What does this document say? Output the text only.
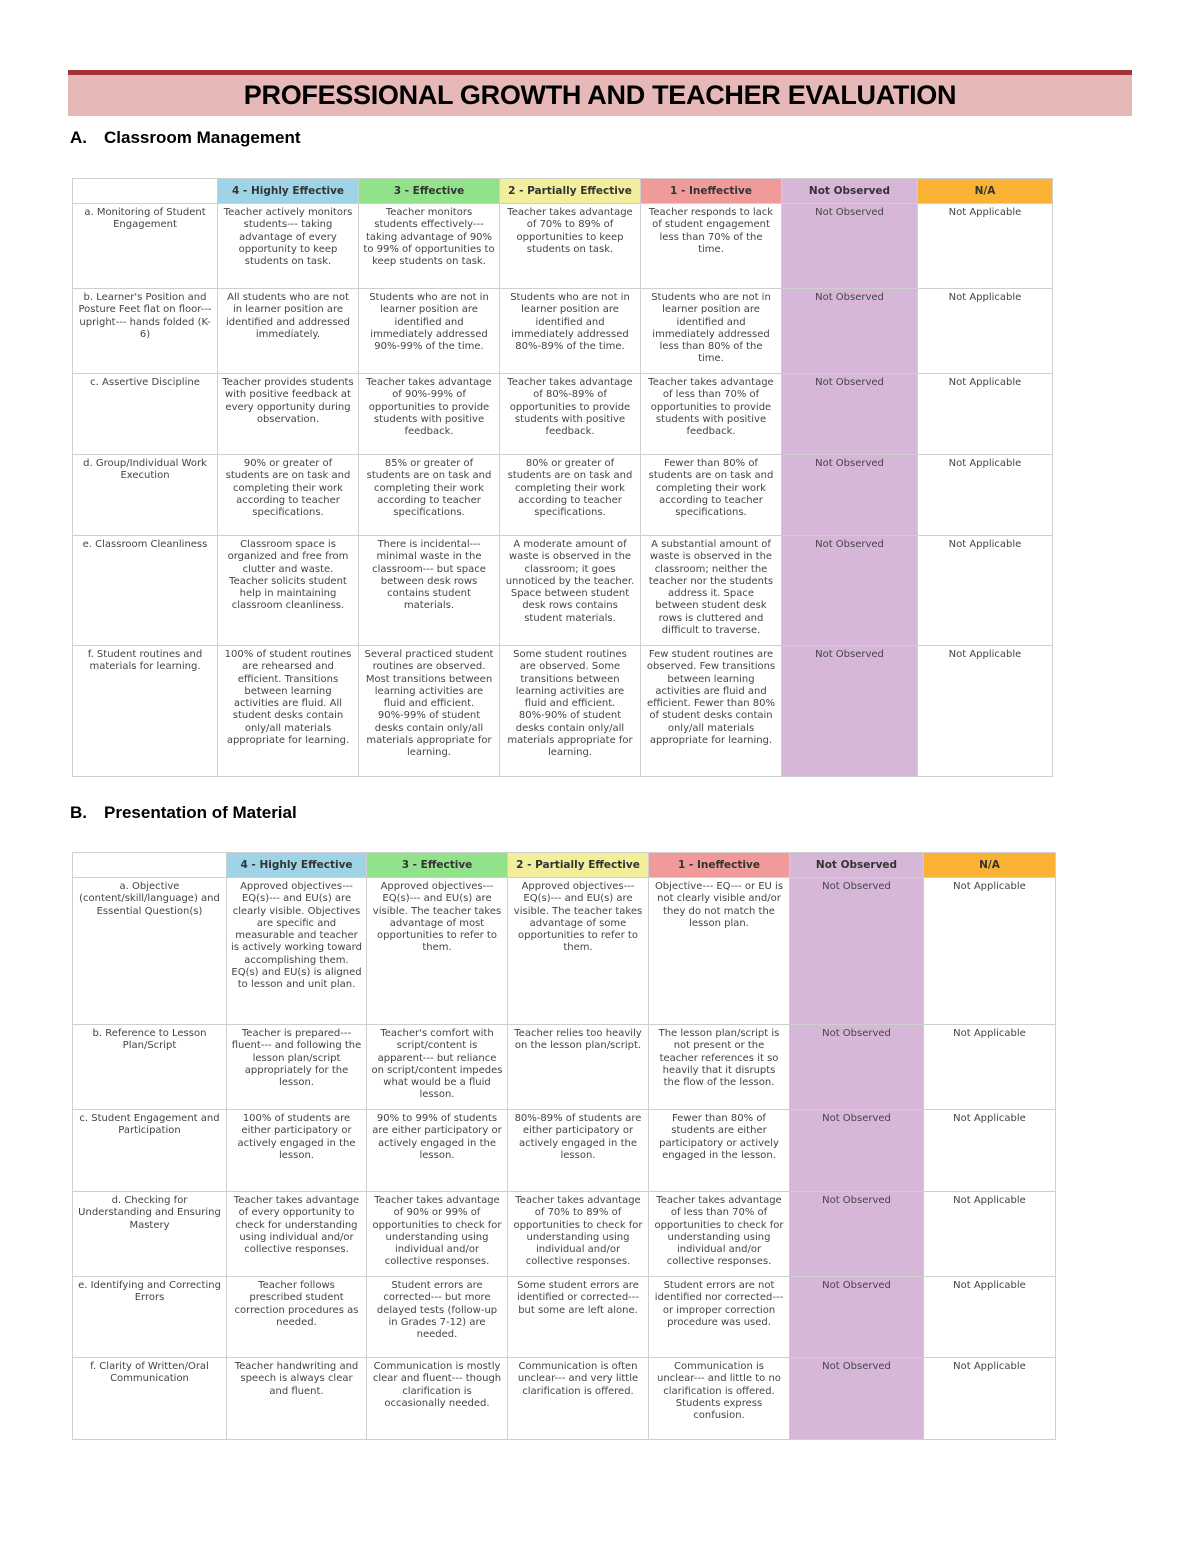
PROFESSIONAL GROWTH AND TEACHER EVALUATION
A. Classroom Management
	4 - Highly Effective	3 - Effective	2 - Partially Effective	1 - Ineffective	Not Observed	N/A
a. Monitoring of Student Engagement	Teacher actively monitors students--- taking advantage of every opportunity to keep students on task.	Teacher monitors students effectively--- taking advantage of 90% to 99% of opportunities to keep students on task.	Teacher takes advantage of 70% to 89% of opportunities to keep students on task.	Teacher responds to lack of student engagement less than 70% of the time.	Not Observed	Not Applicable
b. Learner's Position and Posture Feet flat on floor--- upright--- hands folded (K-6)	All students who are not in learner position are identified and addressed immediately.	Students who are not in learner position are identified and immediately addressed 90%-99% of the time.	Students who are not in learner position are identified and immediately addressed 80%-89% of the time.	Students who are not in learner position are identified and immediately addressed less than 80% of the time.	Not Observed	Not Applicable
c. Assertive Discipline	Teacher provides students with positive feedback at every opportunity during observation.	Teacher takes advantage of 90%-99% of opportunities to provide students with positive feedback.	Teacher takes advantage of 80%-89% of opportunities to provide students with positive feedback.	Teacher takes advantage of less than 70% of opportunities to provide students with positive feedback.	Not Observed	Not Applicable
d. Group/Individual Work Execution	90% or greater of students are on task and completing their work according to teacher specifications.	85% or greater of students are on task and completing their work according to teacher specifications.	80% or greater of students are on task and completing their work according to teacher specifications.	Fewer than 80% of students are on task and completing their work according to teacher specifications.	Not Observed	Not Applicable
e. Classroom Cleanliness	Classroom space is organized and free from clutter and waste. Teacher solicits student help in maintaining classroom cleanliness.	There is incidental--- minimal waste in the classroom--- but space between desk rows contains student materials.	A moderate amount of waste is observed in the classroom; it goes unnoticed by the teacher. Space between student desk rows contains student materials.	A substantial amount of waste is observed in the classroom; neither the teacher nor the students address it. Space between student desk rows is cluttered and difficult to traverse.	Not Observed	Not Applicable
f. Student routines and materials for learning.	100% of student routines are rehearsed and efficient. Transitions between learning activities are fluid. All student desks contain only/all materials appropriate for learning.	Several practiced student routines are observed. Most transitions between learning activities are fluid and efficient. 90%-99% of student desks contain only/all materials appropriate for learning.	Some student routines are observed. Some transitions between learning activities are fluid and efficient. 80%-90% of student desks contain only/all materials appropriate for learning.	Few student routines are observed. Few transitions between learning activities are fluid and efficient. Fewer than 80% of student desks contain only/all materials appropriate for learning.	Not Observed	Not Applicable
B. Presentation of Material
	4 - Highly Effective	3 - Effective	2 - Partially Effective	1 - Ineffective	Not Observed	N/A
a. Objective (content/skill/language) and Essential Question(s)	Approved objectives--- EQ(s)--- and EU(s) are clearly visible. Objectives are specific and measurable and teacher is actively working toward accomplishing them. EQ(s) and EU(s) is aligned to lesson and unit plan.	Approved objectives--- EQ(s)--- and EU(s) are visible. The teacher takes advantage of most opportunities to refer to them.	Approved objectives--- EQ(s)--- and EU(s) are visible. The teacher takes advantage of some opportunities to refer to them.	Objective--- EQ--- or EU is not clearly visible and/or they do not match the lesson plan.	Not Observed	Not Applicable
b. Reference to Lesson Plan/Script	Teacher is prepared--- fluent--- and following the lesson plan/script appropriately for the lesson.	Teacher's comfort with script/content is apparent--- but reliance on script/content impedes what would be a fluid lesson.	Teacher relies too heavily on the lesson plan/script.	The lesson plan/script is not present or the teacher references it so heavily that it disrupts the flow of the lesson.	Not Observed	Not Applicable
c. Student Engagement and Participation	100% of students are either participatory or actively engaged in the lesson.	90% to 99% of students are either participatory or actively engaged in the lesson.	80%-89% of students are either participatory or actively engaged in the lesson.	Fewer than 80% of students are either participatory or actively engaged in the lesson.	Not Observed	Not Applicable
d. Checking for Understanding and Ensuring Mastery	Teacher takes advantage of every opportunity to check for understanding using individual and/or collective responses.	Teacher takes advantage of 90% or 99% of opportunities to check for understanding using individual and/or collective responses.	Teacher takes advantage of 70% to 89% of opportunities to check for understanding using individual and/or collective responses.	Teacher takes advantage of less than 70% of opportunities to check for understanding using individual and/or collective responses.	Not Observed	Not Applicable
e. Identifying and Correcting Errors	Teacher follows prescribed student correction procedures as needed.	Student errors are corrected--- but more delayed tests (follow-up in Grades 7-12) are needed.	Some student errors are identified or corrected--- but some are left alone.	Student errors are not identified nor corrected--- or improper correction procedure was used.	Not Observed	Not Applicable
f. Clarity of Written/Oral Communication	Teacher handwriting and speech is always clear and fluent.	Communication is mostly clear and fluent--- though clarification is occasionally needed.	Communication is often unclear--- and very little clarification is offered.	Communication is unclear--- and little to no clarification is offered. Students express confusion.	Not Observed	Not Applicable
